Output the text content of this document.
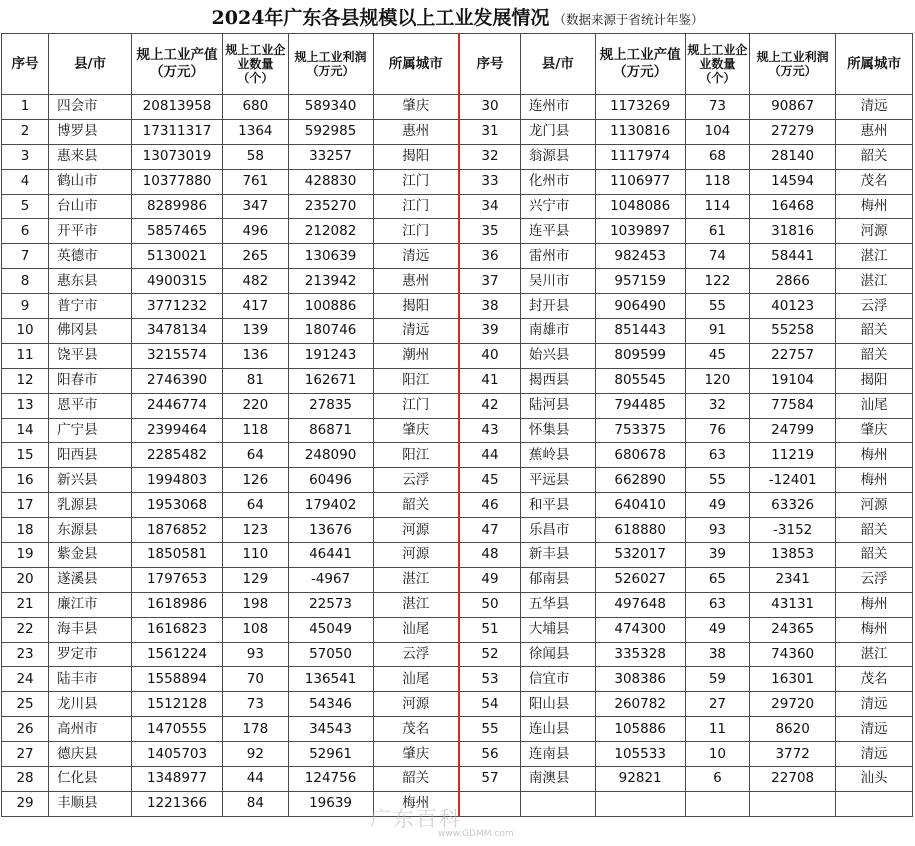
2024年广东各县规模以上工业发展情况 （数据来源于省统计年鉴）
序号	县/市	规上工业产值（万元）	规上工业企业数量（个）	规上工业利润（万元）	所属城市	序号	县/市	规上工业产值（万元）	规上工业企业数量（个）	规上工业利润（万元）	所属城市
1	四会市	20813958	680	589340	肇庆	30	连州市	1173269	73	90867	清远
2	博罗县	17311317	1364	592985	惠州	31	龙门县	1130816	104	27279	惠州
3	惠来县	13073019	58	33257	揭阳	32	翁源县	1117974	68	28140	韶关
4	鹤山市	10377880	761	428830	江门	33	化州市	1106977	118	14594	茂名
5	台山市	8289986	347	235270	江门	34	兴宁市	1048086	114	16468	梅州
6	开平市	5857465	496	212082	江门	35	连平县	1039897	61	31816	河源
7	英德市	5130021	265	130639	清远	36	雷州市	982453	74	58441	湛江
8	惠东县	4900315	482	213942	惠州	37	吴川市	957159	122	2866	湛江
9	普宁市	3771232	417	100886	揭阳	38	封开县	906490	55	40123	云浮
10	佛冈县	3478134	139	180746	清远	39	南雄市	851443	91	55258	韶关
11	饶平县	3215574	136	191243	潮州	40	始兴县	809599	45	22757	韶关
12	阳春市	2746390	81	162671	阳江	41	揭西县	805545	120	19104	揭阳
13	恩平市	2446774	220	27835	江门	42	陆河县	794485	32	77584	汕尾
14	广宁县	2399464	118	86871	肇庆	43	怀集县	753375	76	24799	肇庆
15	阳西县	2285482	64	248090	阳江	44	蕉岭县	680678	63	11219	梅州
16	新兴县	1994803	126	60496	云浮	45	平远县	662890	55	-12401	梅州
17	乳源县	1953068	64	179402	韶关	46	和平县	640410	49	63326	河源
18	东源县	1876852	123	13676	河源	47	乐昌市	618880	93	-3152	韶关
19	紫金县	1850581	110	46441	河源	48	新丰县	532017	39	13853	韶关
20	遂溪县	1797653	129	-4967	湛江	49	郁南县	526027	65	2341	云浮
21	廉江市	1618986	198	22573	湛江	50	五华县	497648	63	43131	梅州
22	海丰县	1616823	108	45049	汕尾	51	大埔县	474300	49	24365	梅州
23	罗定市	1561224	93	57050	云浮	52	徐闻县	335328	38	74360	湛江
24	陆丰市	1558894	70	136541	汕尾	53	信宜市	308386	59	16301	茂名
25	龙川县	1512128	73	54346	河源	54	阳山县	260782	27	29720	清远
26	高州市	1470555	178	34543	茂名	55	连山县	105886	11	8620	清远
27	德庆县	1405703	92	52961	肇庆	56	连南县	105533	10	3772	清远
28	仁化县	1348977	44	124756	韶关	57	南澳县	92821	6	22708	汕头
29	丰顺县	1221366	84	19639	梅州						
广东百科
www.GDMM.com
